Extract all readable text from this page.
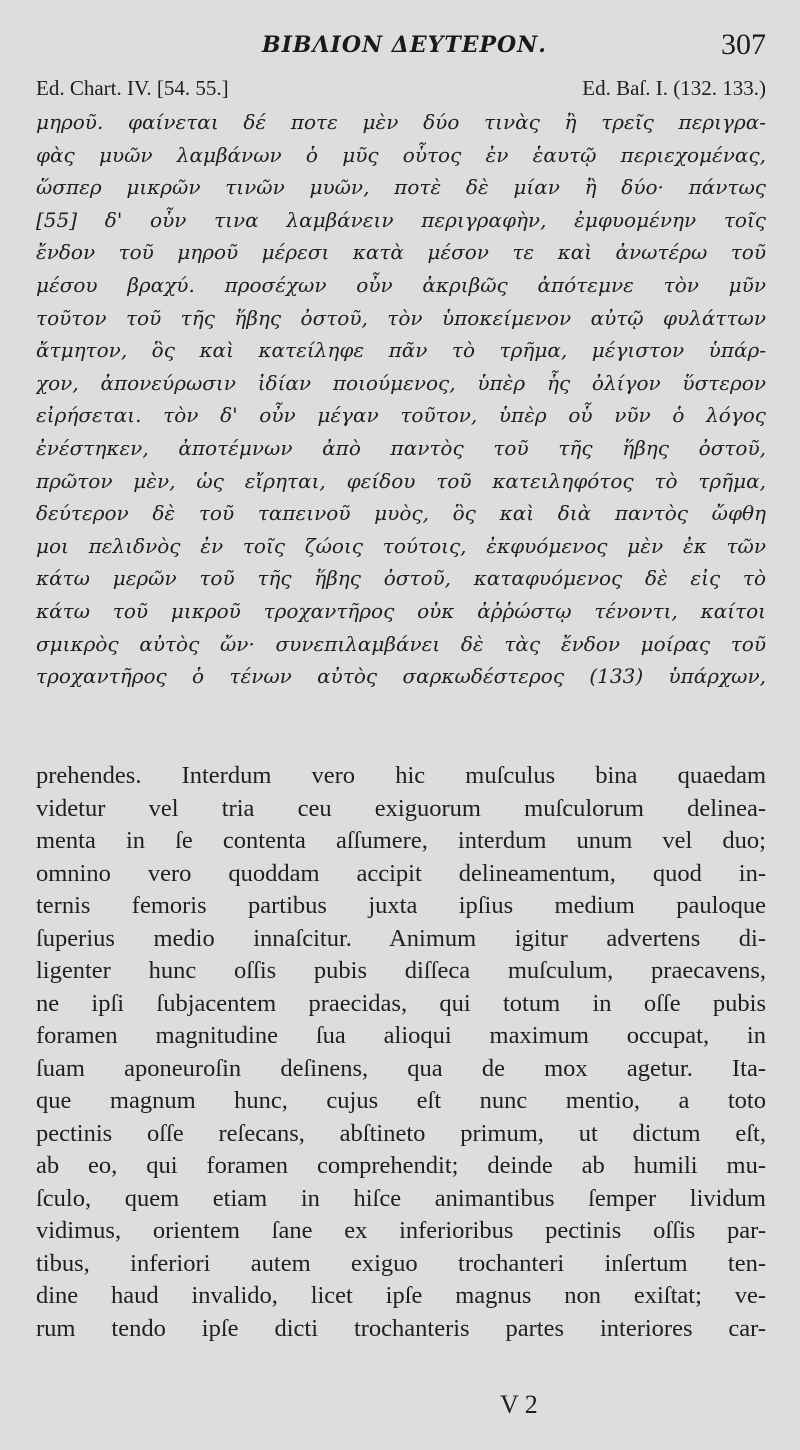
ΒΙΒΛΙΟΝ ΔΕΥΤΕΡΟΝ.	307
Ed. Chart. IV. [54. 55.]	Ed. Baſ. I. (132. 133.)
μηροῦ. φαίνεται δέ ποτε μὲν δύο τινὰς ἢ τρεῖς περιγρα-
φὰς μυῶν λαμβάνων ὁ μῦς οὗτος ἐν ἑαυτῷ περιεχομένας,
ὥσπερ μικρῶν τινῶν μυῶν, ποτὲ δὲ μίαν ἢ δύο· πάντως
[55] δ' οὖν τινα λαμβάνειν περιγραφὴν, ἐμφυομένην τοῖς
ἔνδον τοῦ μηροῦ μέρεσι κατὰ μέσον τε καὶ ἀνωτέρω τοῦ
μέσου βραχύ. προσέχων οὖν ἀκριβῶς ἀπότεμνε τὸν μῦν
τοῦτον τοῦ τῆς ἥβης ὀστοῦ, τὸν ὑποκείμενον αὐτῷ φυλάττων
ἄτμητον, ὃς καὶ κατείληφε πᾶν τὸ τρῆμα, μέγιστον ὑπάρ-
χον, ἀπονεύρωσιν ἰδίαν ποιούμενος, ὑπὲρ ἧς ὀλίγον ὕστερον
εἰρήσεται. τὸν δ' οὖν μέγαν τοῦτον, ὑπὲρ οὗ νῦν ὁ λόγος
ἐνέστηκεν, ἀποτέμνων ἀπὸ παντὸς τοῦ τῆς ἥβης ὀστοῦ,
πρῶτον μὲν, ὡς εἴρηται, φείδου τοῦ κατειληφότος τὸ τρῆμα,
δεύτερον δὲ τοῦ ταπεινοῦ μυὸς, ὃς καὶ διὰ παντὸς ὤφθη
μοι πελιδνὸς ἐν τοῖς ζώοις τούτοις, ἐκφυόμενος μὲν ἐκ τῶν
κάτω μερῶν τοῦ τῆς ἥβης ὀστοῦ, καταφυόμενος δὲ εἰς τὸ
κάτω τοῦ μικροῦ τροχαντῆρος οὐκ ἀῤῥώστῳ τένοντι, καίτοι
σμικρὸς αὐτὸς ὤν· συνεπιλαμβάνει δὲ τὰς ἔνδον μοίρας τοῦ
τροχαντῆρος ὁ τένων αὐτὸς σαρκωδέστερος (133) ὑπάρχων,
prehendes. Interdum vero hic muſculus bina quaedam
videtur vel tria ceu exiguorum muſculorum delinea-
menta in ſe contenta aſſumere, interdum unum vel duo;
omnino vero quoddam accipit delineamentum, quod in-
ternis femoris partibus juxta ipſius medium pauloque
ſuperius medio innaſcitur. Animum igitur advertens di-
ligenter hunc oſſis pubis diſſeca muſculum, praecavens,
ne ipſi ſubjacentem praecidas, qui totum in oſſe pubis
foramen magnitudine ſua alioqui maximum occupat, in
ſuam aponeuroſin deſinens, qua de mox agetur. Ita-
que magnum hunc, cujus eſt nunc mentio, a toto
pectinis oſſe reſecans, abſtineto primum, ut dictum eſt,
ab eo, qui foramen comprehendit; deinde ab humili mu-
ſculo, quem etiam in hiſce animantibus ſemper lividum
vidimus, orientem ſane ex inferioribus pectinis oſſis par-
tibus, inferiori autem exiguo trochanteri inſertum ten-
dine haud invalido, licet ipſe magnus non exiſtat; ve-
rum tendo ipſe dicti trochanteris partes interiores car-
V 2
